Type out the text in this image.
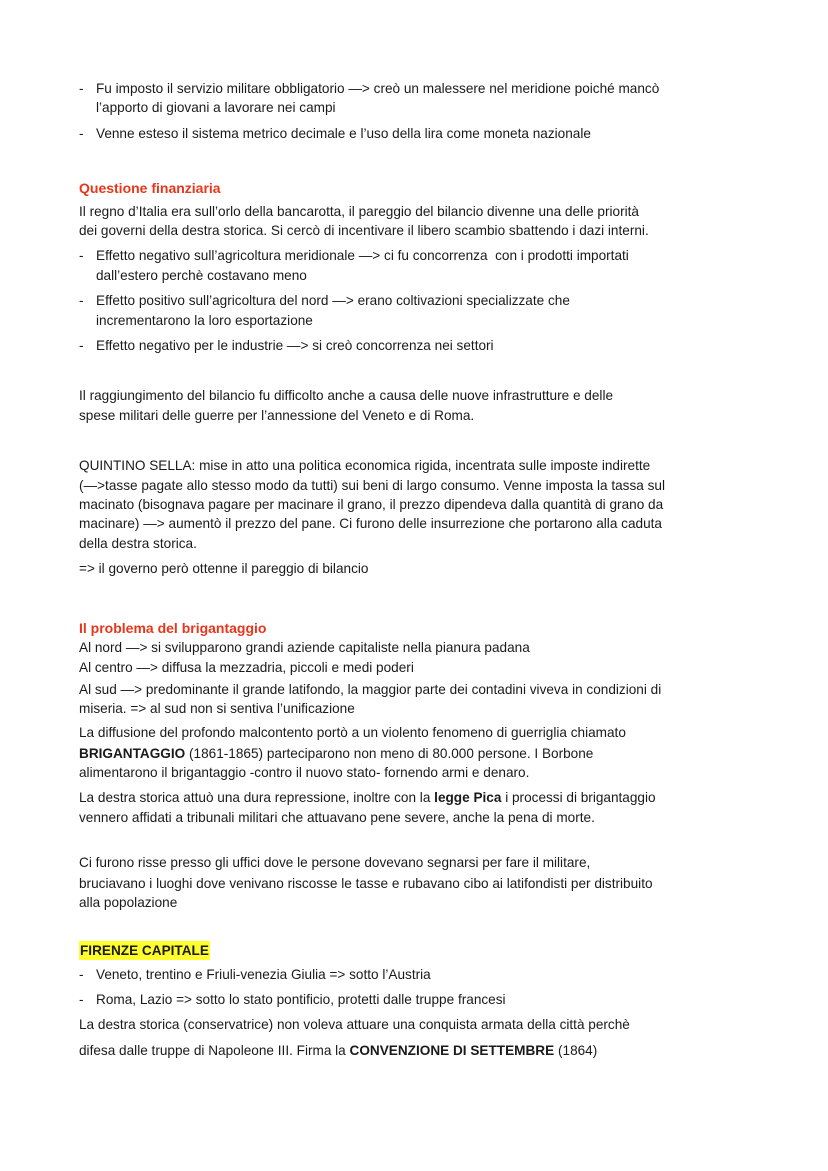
- Fu imposto il servizio militare obbligatorio —> creò un malessere nel meridione poiché mancò
l’apporto di giovani a lavorare nei campi
- Venne esteso il sistema metrico decimale e l’uso della lira come moneta nazionale
Questione finanziaria
Il regno d’Italia era sull’orlo della bancarotta, il pareggio del bilancio divenne una delle priorità
dei governi della destra storica. Si cercò di incentivare il libero scambio sbattendo i dazi interni.
- Effetto negativo sull’agricoltura meridionale —> ci fu concorrenza  con i prodotti importati
dall’estero perchè costavano meno
- Effetto positivo sull’agricoltura del nord —> erano coltivazioni specializzate che
incrementarono la loro esportazione
- Effetto negativo per le industrie —> si creò concorrenza nei settori
Il raggiungimento del bilancio fu difficolto anche a causa delle nuove infrastrutture e delle
spese militari delle guerre per l’annessione del Veneto e di Roma.
QUINTINO SELLA: mise in atto una politica economica rigida, incentrata sulle imposte indirette
(—>tasse pagate allo stesso modo da tutti) sui beni di largo consumo. Venne imposta la tassa sul
macinato (bisognava pagare per macinare il grano, il prezzo dipendeva dalla quantità di grano da
macinare) —> aumentò il prezzo del pane. Ci furono delle insurrezione che portarono alla caduta
della destra storica.
=> il governo però ottenne il pareggio di bilancio
Il problema del brigantaggio
Al nord —> si svilupparono grandi aziende capitaliste nella pianura padana
Al centro —> diffusa la mezzadria, piccoli e medi poderi
Al sud —> predominante il grande latifondo, la maggior parte dei contadini viveva in condizioni di
miseria. => al sud non si sentiva l’unificazione
La diffusione del profondo malcontento portò a un violento fenomeno di guerriglia chiamato
BRIGANTAGGIO (1861-1865) parteciparono non meno di 80.000 persone. I Borbone
alimentarono il brigantaggio -contro il nuovo stato- fornendo armi e denaro.
La destra storica attuò una dura repressione, inoltre con la legge Pica i processi di brigantaggio
vennero affidati a tribunali militari che attuavano pene severe, anche la pena di morte.
Ci furono risse presso gli uffici dove le persone dovevano segnarsi per fare il militare,
bruciavano i luoghi dove venivano riscosse le tasse e rubavano cibo ai latifondisti per distribuito
alla popolazione
FIRENZE CAPITALE
- Veneto, trentino e Friuli-venezia Giulia => sotto l’Austria
- Roma, Lazio => sotto lo stato pontificio, protetti dalle truppe francesi
La destra storica (conservatrice) non voleva attuare una conquista armata della città perchè
difesa dalle truppe di Napoleone III. Firma la CONVENZIONE DI SETTEMBRE (1864)
